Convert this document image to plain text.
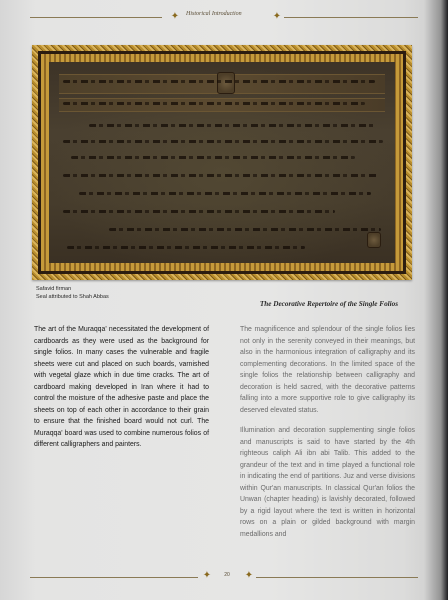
✦ Historical Introduction	✦
Safavid firman
Seal attributed to Shah Abbas
The Decorative Repertoire of the Single Folios
The art of the Muraqqa' necessitated the development of cardboards as they were used as the background for single folios. In many cases the vulnerable and fragile sheets were cut and placed on such boards, varnished with vegetal glaze which in due time cracks. The art of cardboard making developed in Iran where it had to control the moisture of the adhesive paste and place the sheets on top of each other in accordance to their grain to ensure that the finished board would not curl. The Muraqqa' board was used to combine numerous folios of different calligraphers and painters.
The magnificence and splendour of the single folios lies not only in the serenity conveyed in their meanings, but also in the harmonious integration of calligraphy and its complementing decorations. In the limited space of the single folios the relationship between calligraphy and decoration is held sacred, with the decorative patterns falling into a more supportive role to give calligraphy its deserved elevated status.
Illumination and decoration supplementing single folios and manuscripts is said to have started by the 4th righteous caliph Ali ibn abi Talib. This added to the grandeur of the text and in time played a functional role in indicating the end of partitions. Juz and verse divisions within Qur'an manuscripts. In classical Qur'an folios the Unwan (chapter heading) is lavishly decorated, followed by a rigid layout where the text is written in horizontal rows on a plain or gilded background with margin medallions and
✦	20 ✦
